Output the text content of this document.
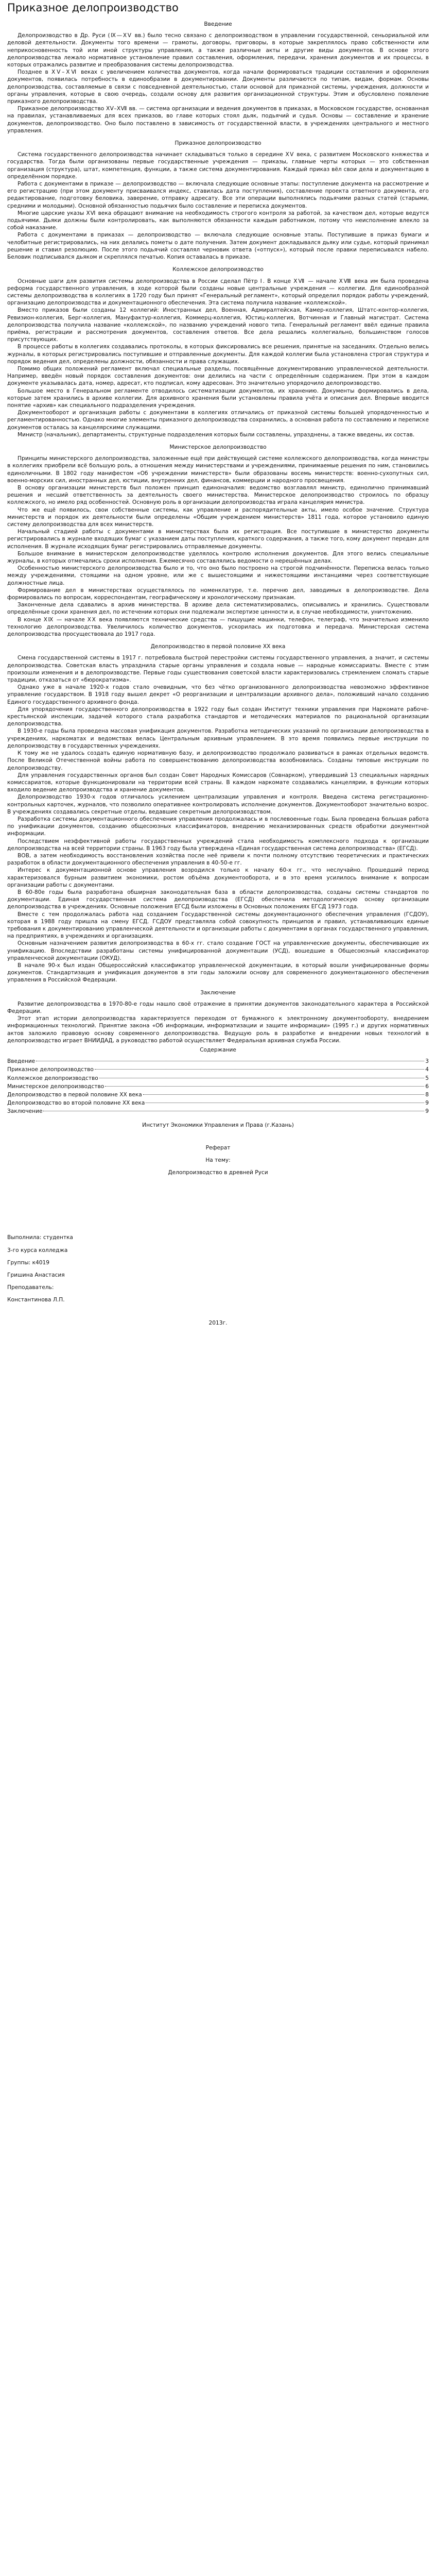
Приказное делопроизводство
Введение

Делопроизводство в Др. Руси (Ⅸ—ⅩⅤ вв.) было тесно связано с делопроизводством в управлении государственной, сеньориальной или деловой деятельности. Документы того времени — грамоты, договоры, приговоры, в которые закреплялось право собственности или неприкосновенность той или иной структуры управления, а также различные акты и другие виды документов. В основе этого делопроизводства лежало нормативное установление правил составления, оформления, передачи, хранения документов и их процессы, в которых отражались развитие и преобразования системы делопроизводства.

Позднее в ⅩⅤ–ⅩⅥ веках с увеличением количества документов, когда начали формироваться традиции составления и оформления документов, появилась потребность в единообразии в документировании. Документы различаются по типам, видам, формам. Основы делопроизводства, составляемые в связи с повседневной деятельностью, стали основой для приказной системы, учреждения, должности и органы управления, которые в свою очередь, создали основу для развития организационной структуры. Этим и обусловлено появление приказного делопроизводства.

Приказное делопроизводство ⅩⅤ–ⅩⅦ вв. — система организации и ведения документов в приказах, в Московском государстве, основанная на правилах, устанавливаемых для всех приказов, во главе которых стоял дьяк, подьячий и судья. Основы — составление и хранение документов, делопроизводство. Оно было поставлено в зависимость от государственной власти, в учреждениях центрального и местного управления.

Приказное делопроизводство

Система государственного делопроизводства начинает складываться только в середине ⅩⅤ века, с развитием Московского княжества и государства. Тогда были организованы первые государственные учреждения — приказы, главные черты которых — это собственная организация (структура), штат, компетенция, функции, а также система документирования. Каждый приказ вёл свои дела и документацию в определённом порядке.

Работа с документами в приказе — делопроизводство — включала следующие основные этапы: поступление документа на рассмотрение и его регистрацию (при этом документу присваивался индекс, ставилась дата поступления), составление проекта ответного документа, его редактирование, подготовку беловика, заверение, отправку адресату. Все эти операции выполнялись подьячими разных статей (старыми, средними и молодыми). Основной обязанностью подьячих было составление и переписка документов.

Многие царские указы ⅩⅥ века обращают внимание на необходимость строгого контроля за работой, за качеством дел, которые ведутся подьячими. Дьяки должны были контролировать, как выполняются обязанности каждым работником, потому что неисполнение влекло за собой наказание.

Работа с документами в приказах — делопроизводство — включала следующие основные этапы. Поступившие в приказ бумаги и челобитные регистрировались, на них делались пометы о дате получения. Затем документ докладывался дьяку или судье, который принимал решение и ставил резолюцию. После этого подьячий составлял черновик ответа («отпуск»), который после правки переписывался набело. Беловик подписывался дьяком и скреплялся печатью. Копия оставалась в приказе.

Коллежское делопроизводство

Основные шаги для развития системы делопроизводства в России сделал Пётр Ⅰ. В конце ⅩⅦ — начале ⅩⅧ века им была проведена реформа государственного управления, в ходе которой были созданы новые центральные учреждения — коллегии. Для единообразной системы делопроизводства в коллегиях в 1720 году был принят «Генеральный регламент», который определил порядок работы учреждений, организацию делопроизводства и документационного обеспечения. Эта система получила название «коллежской».

Вместо приказов были созданы 12 коллегий: Иностранных дел, Военная, Адмиралтейская, Камер-коллегия, Штатс-контор-коллегия, Ревизион-коллегия, Берг-коллегия, Мануфактур-коллегия, Коммерц-коллегия, Юстиц-коллегия, Вотчинная и Главный магистрат. Система делопроизводства получила название «коллежской», по названию учреждений нового типа. Генеральный регламент ввёл единые правила приёма, регистрации и рассмотрения документов, составления ответов. Все дела решались коллегиально, большинством голосов присутствующих.

В процессе работы в коллегиях создавались протоколы, в которых фиксировались все решения, принятые на заседаниях. Отдельно велись журналы, в которых регистрировались поступившие и отправленные документы. Для каждой коллегии была установлена строгая структура и порядок ведения дел, определены должности, обязанности и права служащих.

Помимо общих положений регламент включал специальные разделы, посвящённые документированию управленческой деятельности. Например, введён новый порядок составления документов: они делились на части с определённым содержанием. При этом в каждом документе указывалась дата, номер, адресат, кто подписал, кому адресован. Это значительно упорядочило делопроизводство.

Большое место в Генеральном регламенте отводилось систематизации документов, их хранению. Документы формировались в дела, которые затем хранились в архиве коллегии. Для архивного хранения были установлены правила учёта и описания дел. Впервые вводится понятие «архив» как специального подразделения учреждения.

Документооборот и организация работы с документами в коллегиях отличались от приказной системы большей упорядоченностью и регламентированностью. Однако многие элементы приказного делопроизводства сохранились, а основная работа по составлению и переписке документов осталась за канцелярскими служащими.

Министр (начальник), департаменты, структурные подразделения которых были составлены, упразднены, а также введены, их состав.

Министерское делопроизводство

Принципы министерского делопроизводства, заложенные ещё при действующей системе коллежского делопроизводства, когда министры в коллегиях приобрели всё большую роль, а отношения между министерствами и учреждениями, принимаемые решения по ним, становились единоличными. В 1802 году манифестом «Об учреждении министерств» были образованы восемь министерств: военно-сухопутных сил, военно-морских сил, иностранных дел, юстиции, внутренних дел, финансов, коммерции и народного просвещения.

В основу организации министерств был положен принцип единоначалия: ведомство возглавлял министр, единолично принимавший решения и несший ответственность за деятельность своего министерства. Министерское делопроизводство строилось по образцу коллежского, но имело ряд особенностей. Основную роль в организации делопроизводства играла канцелярия министра.

Что же ещё появилось, свои собственные системы, как управление и распорядительные акты, имело особое значение. Структура министерств и порядок их деятельности были определены «Общим учреждением министерств» 1811 года, которое установило единую систему делопроизводства для всех министерств.

Начальный стадией работы с документами в министерствах была их регистрация. Все поступившие в министерство документы регистрировались в журнале входящих бумаг с указанием даты поступления, краткого содержания, а также того, кому документ передан для исполнения. В журнале исходящих бумаг регистрировались отправляемые документы.

Большое внимание в министерском делопроизводстве уделялось контролю исполнения документов. Для этого велись специальные журналы, в которых отмечались сроки исполнения. Ежемесячно составлялись ведомости о нерешённых делах.

Особенностью министерского делопроизводства было и то, что оно было построено на строгой подчинённости. Переписка велась только между учреждениями, стоящими на одном уровне, или же с вышестоящими и нижестоящими инстанциями через соответствующие должностные лица.

Формирование дел в министерствах осуществлялось по номенклатуре, т.е. перечню дел, заводимых в делопроизводстве. Дела формировались по вопросам, корреспондентам, географическому и хронологическому признакам.

Законченные дела сдавались в архив министерства. В архиве дела систематизировались, описывались и хранились. Существовали определённые сроки хранения дел, по истечении которых они подлежали экспертизе ценности и, в случае необходимости, уничтожению.

В конце ⅩⅨ — начале ⅩⅩ века появляются технические средства — пишущие машинки, телефон, телеграф, что значительно изменило технологию делопроизводства. Увеличилось количество документов, ускорилась их подготовка и передача. Министерская система делопроизводства просуществовала до 1917 года.

Делопроизводство в первой половине ⅩⅩ века

Смена государственной системы в 1917 г. потребовала быстрой перестройки системы государственного управления, а значит, и системы делопроизводства. Советская власть упразднила старые органы управления и создала новые — народные комиссариаты. Вместе с этим произошли изменения и в делопроизводстве. Первые годы существования советской власти характеризовались стремлением сломать старые традиции, отказаться от «бюрократизма».

Однако уже в начале 1920-х годов стало очевидным, что без чётко организованного делопроизводства невозможно эффективное управление государством. В 1918 году вышел декрет «О реорганизации и централизации архивного дела», положивший начало созданию Единого государственного архивного фонда.

Для упорядочения государственного делопроизводства в 1922 году был создан Институт техники управления при Наркомате рабоче-крестьянской инспекции, задачей которого стала разработка стандартов и методических материалов по рациональной организации делопроизводства.

В 1930-е годы была проведена массовая унификация документов. Разработка методических указаний по организации делопроизводства в учреждениях, наркоматах и ведомствах велась Центральным архивным управлением. В это время появились первые инструкции по делопроизводству в государственных учреждениях.

К тому же не удалось создать единую нормативную базу, и делопроизводство продолжало развиваться в рамках отдельных ведомств. После Великой Отечественной войны работа по совершенствованию делопроизводства возобновилась. Созданы типовые инструкции по делопроизводству.

Для управления государственных органов был создан Совет Народных Комиссаров (Совнарком), утвердивший 13 специальных нарядных комиссариатов, которые функционировали на территории всей страны. В каждом наркомате создавались канцелярии, в функции которых входило ведение делопроизводства и хранение документов.

Делопроизводство 1930-х годов отличалось усилением централизации управления и контроля. Введена система регистрационно-контрольных карточек, журналов, что позволило оперативнее контролировать исполнение документов. Документооборот значительно возрос. В учреждениях создавались секретные отделы, ведавшие секретным делопроизводством.

Разработка системы документационного обеспечения управления продолжалась и в послевоенные годы. Была проведена большая работа по унификации документов, созданию общесоюзных классификаторов, внедрению механизированных средств обработки документной информации.

Последствием неэффективной работы государственных учреждений стала необходимость комплексного подхода к организации делопроизводства на всей территории страны. В 1963 году была утверждена «Единая государственная система делопроизводства» (ЕГСД).

ВОВ, а затем необходимость восстановления хозяйства после неё привели к почти полному отсутствию теоретических и практических разработок в области документационного обеспечения управления в 40-50-е гг.

Интерес к документационной основе управления возродился только к началу 60-х гг., что неслучайно. Прошедший период характеризовался бурным развитием экономики, ростом объёма документооборота, и в это время усилилось внимание к вопросам организации работы с документами.

В 60-80е годы была разработана обширная законодательная база в области делопроизводства, созданы системы стандартов по документации. Единая государственная система делопроизводства (ЕГСД) обеспечила методологическую основу организации делопроизводства в учреждениях. Основные положения ЕГСД были изложены в Основных положениях ЕГСД 1973 года.

Вместе с тем продолжалась работа над созданием Государственной системы документационного обеспечения управления (ГСДОУ), которая в 1988 году пришла на смену ЕГСД. ГСДОУ представляла собой совокупность принципов и правил, устанавливающих единые требования к документированию управленческой деятельности и организации работы с документами в органах государственного управления, на предприятиях, в учреждениях и организациях.

Основным назначением развития делопроизводства в 60-х гг. стало создание ГОСТ на управленческие документы, обеспечивающие их унификацию. Впоследствии разработаны системы унифицированной документации (УСД), вошедшие в Общесоюзный классификатор управленческой документации (ОКУД).

В начале 90-х был издан Общероссийский классификатор управленческой документации, в который вошли унифицированные формы документов. Стандартизация и унификация документов в эти годы заложили основу для современного документационного обеспечения управления в Российской Федерации.

Заключение

Развитие делопроизводства в 1970-80-е годы нашло своё отражение в принятии документов законодательного характера в Российской Федерации.

Этот этап истории делопроизводства характеризуется переходом от бумажного к электронному документообороту, внедрением информационных технологий. Принятие закона «Об информации, информатизации и защите информации» (1995 г.) и других нормативных актов заложило правовую основу современного делопроизводства. Ведущую роль в разработке и внедрении новых технологий в делопроизводство играет ВНИИДАД, а руководство работой осуществляет Федеральная архивная служба России.

Содержание
Введение	3
Приказное делопроизводство	4
Коллежское делопроизводство	5
Министерское делопроизводство	6
Делопроизводство в первой половине ⅩⅩ века	8
Делопроизводство во второй половине ⅩⅩ века	9
Заключение	9
Институт Экономики Управления и Права (г.Казань)
Реферат
На тему:
Делопроизводство в древней Руси
Выполнила: студентка
3-го курса колледжа
Группы: к4019
Гришина Анастасия
Преподаватель:
Константинова Л.П.
2013г.
